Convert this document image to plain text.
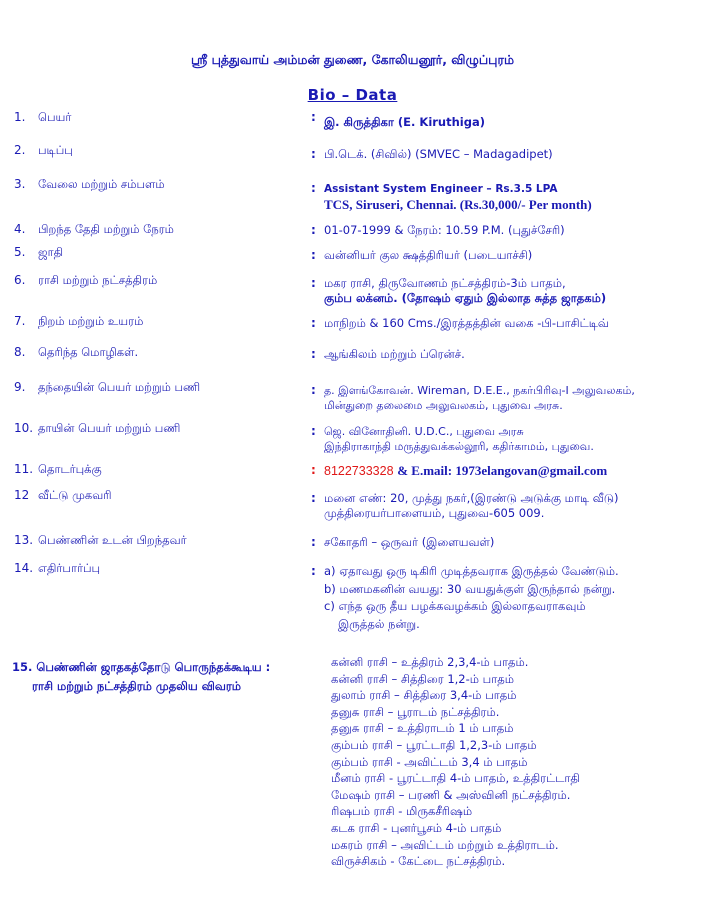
ஸ்ரீ புத்துவாய் அம்மன் துணை, கோலியனூர், விழுப்புரம்
Bio – Data
1. பெயர்	: இ. கிருத்திகா (E. Kiruthiga)
2. படிப்பு	: பி.டெக். (சிவில்) (SMVEC – Madagadipet)
3. வேலை மற்றும் சம்பளம்	: Assistant System Engineer – Rs.3.5 LPA
TCS, Siruseri, Chennai. (Rs.30,000/- Per month)
4. பிறந்த தேதி மற்றும் நேரம்	: 01-07-1999 & நேரம்: 10.59 P.M. (புதுச்சேரி)
5. ஜாதி	: வன்னியர் குல க்ஷத்திரியர் (படையாச்சி)
6. ராசி மற்றும் நட்சத்திரம்	: மகர ராசி, திருவோணம் நட்சத்திரம்-3ம் பாதம்,
கும்ப லக்னம். (தோஷம் ஏதும் இல்லாத சுத்த ஜாதகம்)
7. நிறம் மற்றும் உயரம்	: மாநிறம் & 160 Cms./இரத்தத்தின் வகை -பி-பாசிட்டிவ்
8. தெரிந்த மொழிகள்.	: ஆங்கிலம் மற்றும் ப்ரென்ச்.
9. தந்தையின் பெயர் மற்றும் பணி	: த. இளங்கோவன். Wireman, D.E.E., நகர்பிரிவு-I அலுவலகம்,
மின்துறை தலைமை அலுவலகம், புதுவை அரசு.
10. தாயின் பெயர் மற்றும் பணி	: ஜெ. வினோதினி. U.D.C., புதுவை அரசு
இந்திராகாந்தி மருத்துவக்கல்லூரி, கதிர்காமம், புதுவை.
11. தொடர்புக்கு	: 8122733328 & E.mail: 1973elangovan@gmail.com
12 வீட்டு முகவரி	: மனை எண்: 20, முத்து நகர்,(இரண்டு அடுக்கு மாடி வீடு)
முத்திரையர்பாளையம், புதுவை-605 009.
13. பெண்ணின் உடன் பிறந்தவர்	: சகோதரி – ஒருவர் (இளையவள்)
14. எதிர்பார்ப்பு	: a) ஏதாவது ஒரு டிகிரி முடித்தவராக இருத்தல் வேண்டும்.
b) மணமகனின் வயது: 30 வயதுக்குள் இருந்தால் நன்று.
c) எந்த ஒரு தீய பழக்கவழக்கம் இல்லாதவராகவும்
இருத்தல் நன்று.
15. பெண்ணின் ஜாதகத்தோடு பொருந்தக்கூடிய :
ராசி மற்றும் நட்சத்திரம் முதலிய விவரம்
கன்னி ராசி – உத்திரம் 2,3,4-ம் பாதம்.
கன்னி ராசி – சித்திரை 1,2-ம் பாதம்
துலாம் ராசி – சித்திரை 3,4-ம் பாதம்
தனுசு ராசி – பூராடம் நட்சத்திரம்.
தனுசு ராசி – உத்திராடம் 1 ம் பாதம்
கும்பம் ராசி – பூரட்டாதி 1,2,3-ம் பாதம்
கும்பம் ராசி - அவிட்டம் 3,4 ம் பாதம்
மீனம் ராசி - பூரட்டாதி 4-ம் பாதம், உத்திரட்டாதி
மேஷம் ராசி – பரணி & அஸ்வினி நட்சத்திரம்.
ரிஷபம் ராசி - மிருகசீரிஷம்
கடக ராசி - புனர்பூசம் 4-ம் பாதம்
மகரம் ராசி – அவிட்டம் மற்றும் உத்திராடம்.
விருச்சிகம் - கேட்டை நட்சத்திரம்.
